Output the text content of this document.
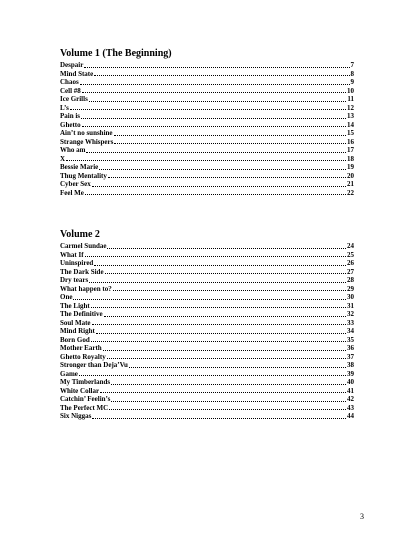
Volume 1 (The Beginning)
Despair	7
Mind State	8
Chaos	9
Cell #8	10
Ice Grills	11
L’s	12
Pain is	13
Ghetto	14
Ain’t no sunshine	15
Strange Whispers	16
Who am	17
X	18
Bessie Marie	19
Thug Mentality	20
Cyber Sex	21
Feel Me	22
Volume 2
Carmel Sundae	24
What If	25
Uninspired	26
The Dark Side	27
Dry tears	28
What happen to?	29
One	30
The Light	31
The Definitive	32
Soul Mate	33
Mind Right	34
Born God	35
Mother Earth	36
Ghetto Royalty	37
Stronger than Deja’Vu	38
Game	39
My Timberlands	40
White Collar	41
Catchin’ Feelin’s	42
The Perfect MC	43
Six Niggas	44
3
